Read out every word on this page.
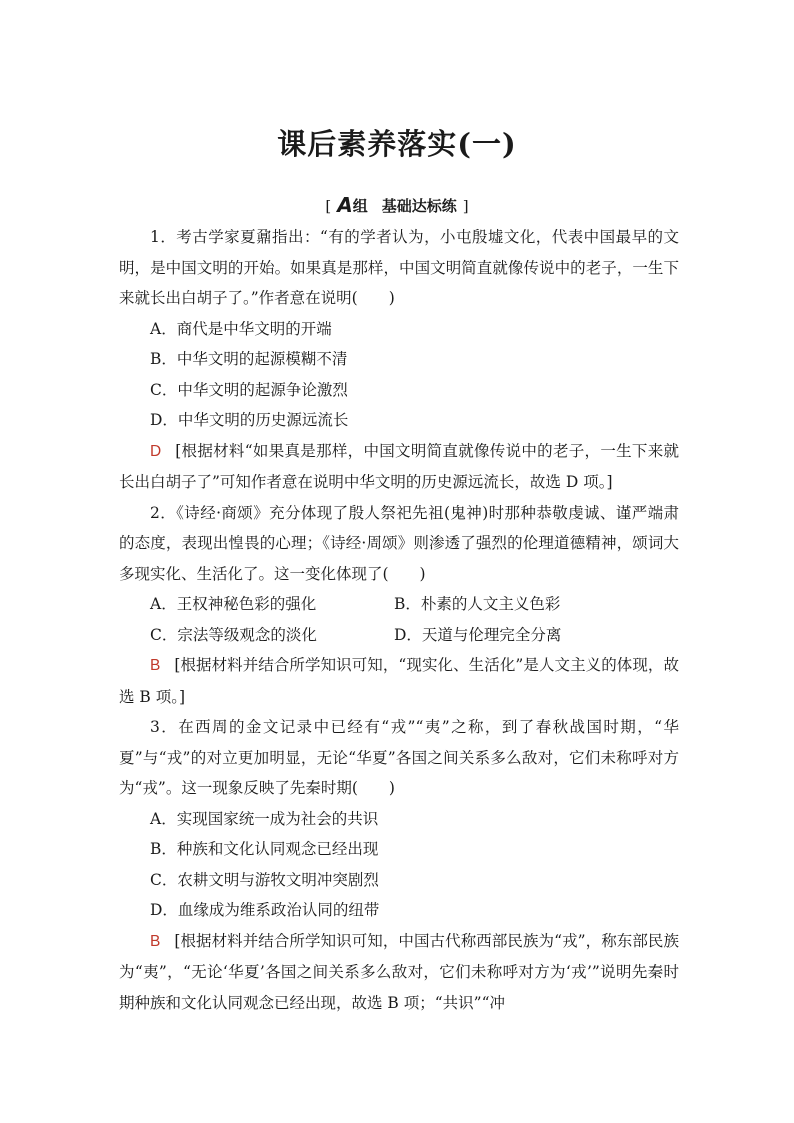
课后素养落实(一)
[ A组 基础达标练 ]

1．考古学家夏鼐指出：“有的学者认为，小屯殷墟文化，代表中国最早的文明，是中国文明的开始。如果真是那样，中国文明简直就像传说中的老子，一生下来就长出白胡子了。”作者意在说明(　　)

A．商代是中华文明的开端

B．中华文明的起源模糊不清

C．中华文明的起源争论激烈

D．中华文明的历史源远流长

D [根据材料“如果真是那样，中国文明简直就像传说中的老子，一生下来就长出白胡子了”可知作者意在说明中华文明的历史源远流长，故选 D 项。]

2．《诗经·商颂》充分体现了殷人祭祀先祖(鬼神)时那种恭敬虔诚、谨严端肃的态度，表现出惶畏的心理；《诗经·周颂》则渗透了强烈的伦理道德精神，颂词大多现实化、生活化了。这一变化体现了(　　)

A．王权神秘色彩的强化	B．朴素的人文主义色彩
C．宗法等级观念的淡化	D．天道与伦理完全分离

B [根据材料并结合所学知识可知，“现实化、生活化”是人文主义的体现，故选 B 项。]

3．在西周的金文记录中已经有“戎”“夷”之称，到了春秋战国时期，“华夏”与“戎”的对立更加明显，无论“华夏”各国之间关系多么敌对，它们未称呼对方为“戎”。这一现象反映了先秦时期(　　)

A．实现国家统一成为社会的共识

B．种族和文化认同观念已经出现

C．农耕文明与游牧文明冲突剧烈

D．血缘成为维系政治认同的纽带

B [根据材料并结合所学知识可知，中国古代称西部民族为“戎”，称东部民族为“夷”，“无论‘华夏’各国之间关系多么敌对，它们未称呼对方为‘戎’”说明先秦时期种族和文化认同观念已经出现，故选 B 项；“共识”“冲
